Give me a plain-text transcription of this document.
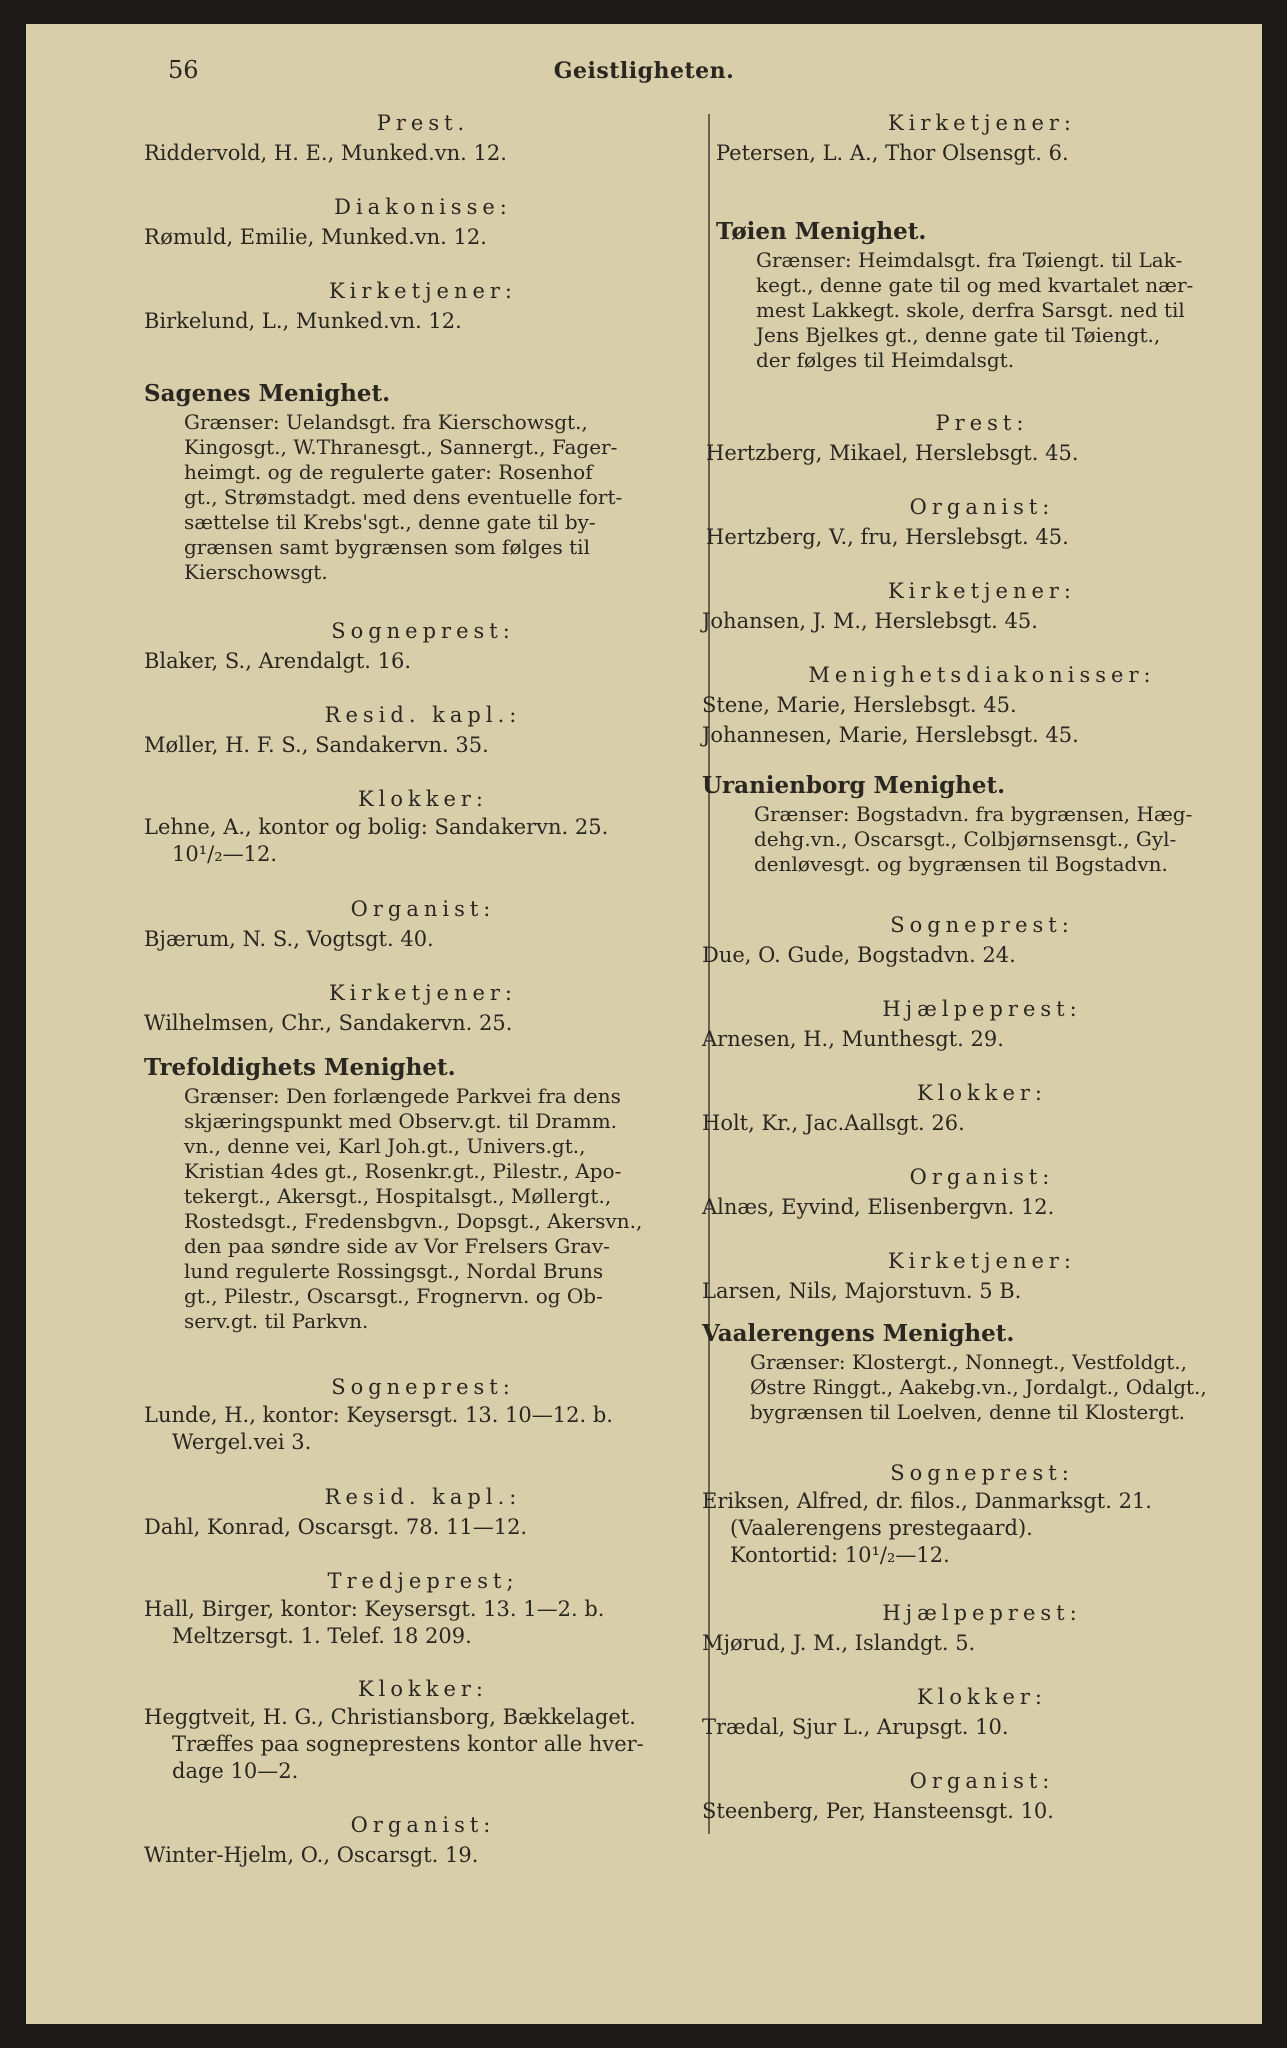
56	Geistligheten.
Prest.
Riddervold, H. E., Munked.vn. 12.
Diakonisse:
Rømuld, Emilie, Munked.vn. 12.
Kirketjener:
Birkelund, L., Munked.vn. 12.
Sagenes Menighet.
Grænser: Uelandsgt. fra Kierschowsgt.,
Kingosgt., W.Thranesgt., Sannergt., Fager-
heimgt. og de regulerte gater: Rosenhof
gt., Strømstadgt. med dens eventuelle fort-
sættelse til Krebs'sgt., denne gate til by-
grænsen samt bygrænsen som følges til
Kierschowsgt.
Sogneprest:
Blaker, S., Arendalgt. 16.
Resid. kapl.:
Møller, H. F. S., Sandakervn. 35.
Klokker:
Lehne, A., kontor og bolig: Sandakervn. 25.
10¹/₂—12.
Organist:
Bjærum, N. S., Vogtsgt. 40.
Kirketjener:
Wilhelmsen, Chr., Sandakervn. 25.
Trefoldighets Menighet.
Grænser: Den forlængede Parkvei fra dens
skjæringspunkt med Observ.gt. til Dramm.
vn., denne vei, Karl Joh.gt., Univers.gt.,
Kristian 4des gt., Rosenkr.gt., Pilestr., Apo-
tekergt., Akersgt., Hospitalsgt., Møllergt.,
Rostedsgt., Fredensbgvn., Dopsgt., Akersvn.,
den paa søndre side av Vor Frelsers Grav-
lund regulerte Rossingsgt., Nordal Bruns
gt., Pilestr., Oscarsgt., Frognervn. og Ob-
serv.gt. til Parkvn.
Sogneprest:
Lunde, H., kontor: Keysersgt. 13. 10—12. b.
Wergel.vei 3.
Resid. kapl.:
Dahl, Konrad, Oscarsgt. 78. 11—12.
Tredjeprest;
Hall, Birger, kontor: Keysersgt. 13. 1—2. b.
Meltzersgt. 1. Telef. 18 209.
Klokker:
Heggtveit, H. G., Christiansborg, Bækkelaget.
Træffes paa sogneprestens kontor alle hver-
dage 10—2.
Organist:
Winter-Hjelm, O., Oscarsgt. 19.
Kirketjener:
Petersen, L. A., Thor Olsensgt. 6.
Tøien Menighet.
Grænser: Heimdalsgt. fra Tøiengt. til Lak-
kegt., denne gate til og med kvartalet nær-
mest Lakkegt. skole, derfra Sarsgt. ned til
Jens Bjelkes gt., denne gate til Tøiengt.,
der følges til Heimdalsgt.
Prest:
Hertzberg, Mikael, Herslebsgt. 45.
Organist:
Hertzberg, V., fru, Herslebsgt. 45.
Kirketjener:
Johansen, J. M., Herslebsgt. 45.
Menighetsdiakonisser:
Stene, Marie, Herslebsgt. 45.
Johannesen, Marie, Herslebsgt. 45.
Uranienborg Menighet.
Grænser: Bogstadvn. fra bygrænsen, Hæg-
dehg.vn., Oscarsgt., Colbjørnsensgt., Gyl-
denløvesgt. og bygrænsen til Bogstadvn.
Sogneprest:
Due, O. Gude, Bogstadvn. 24.
Hjælpeprest:
Arnesen, H., Munthesgt. 29.
Klokker:
Holt, Kr., Jac.Aallsgt. 26.
Organist:
Alnæs, Eyvind, Elisenbergvn. 12.
Kirketjener:
Larsen, Nils, Majorstuvn. 5 B.
Vaalerengens Menighet.
Grænser: Klostergt., Nonnegt., Vestfoldgt.,
Østre Ringgt., Aakebg.vn., Jordalgt., Odalgt.,
bygrænsen til Loelven, denne til Klostergt.
Sogneprest:
Eriksen, Alfred, dr. filos., Danmarksgt. 21.
(Vaalerengens prestegaard).
Kontortid: 10¹/₂—12.
Hjælpeprest:
Mjørud, J. M., Islandgt. 5.
Klokker:
Trædal, Sjur L., Arupsgt. 10.
Organist:
Steenberg, Per, Hansteensgt. 10.
